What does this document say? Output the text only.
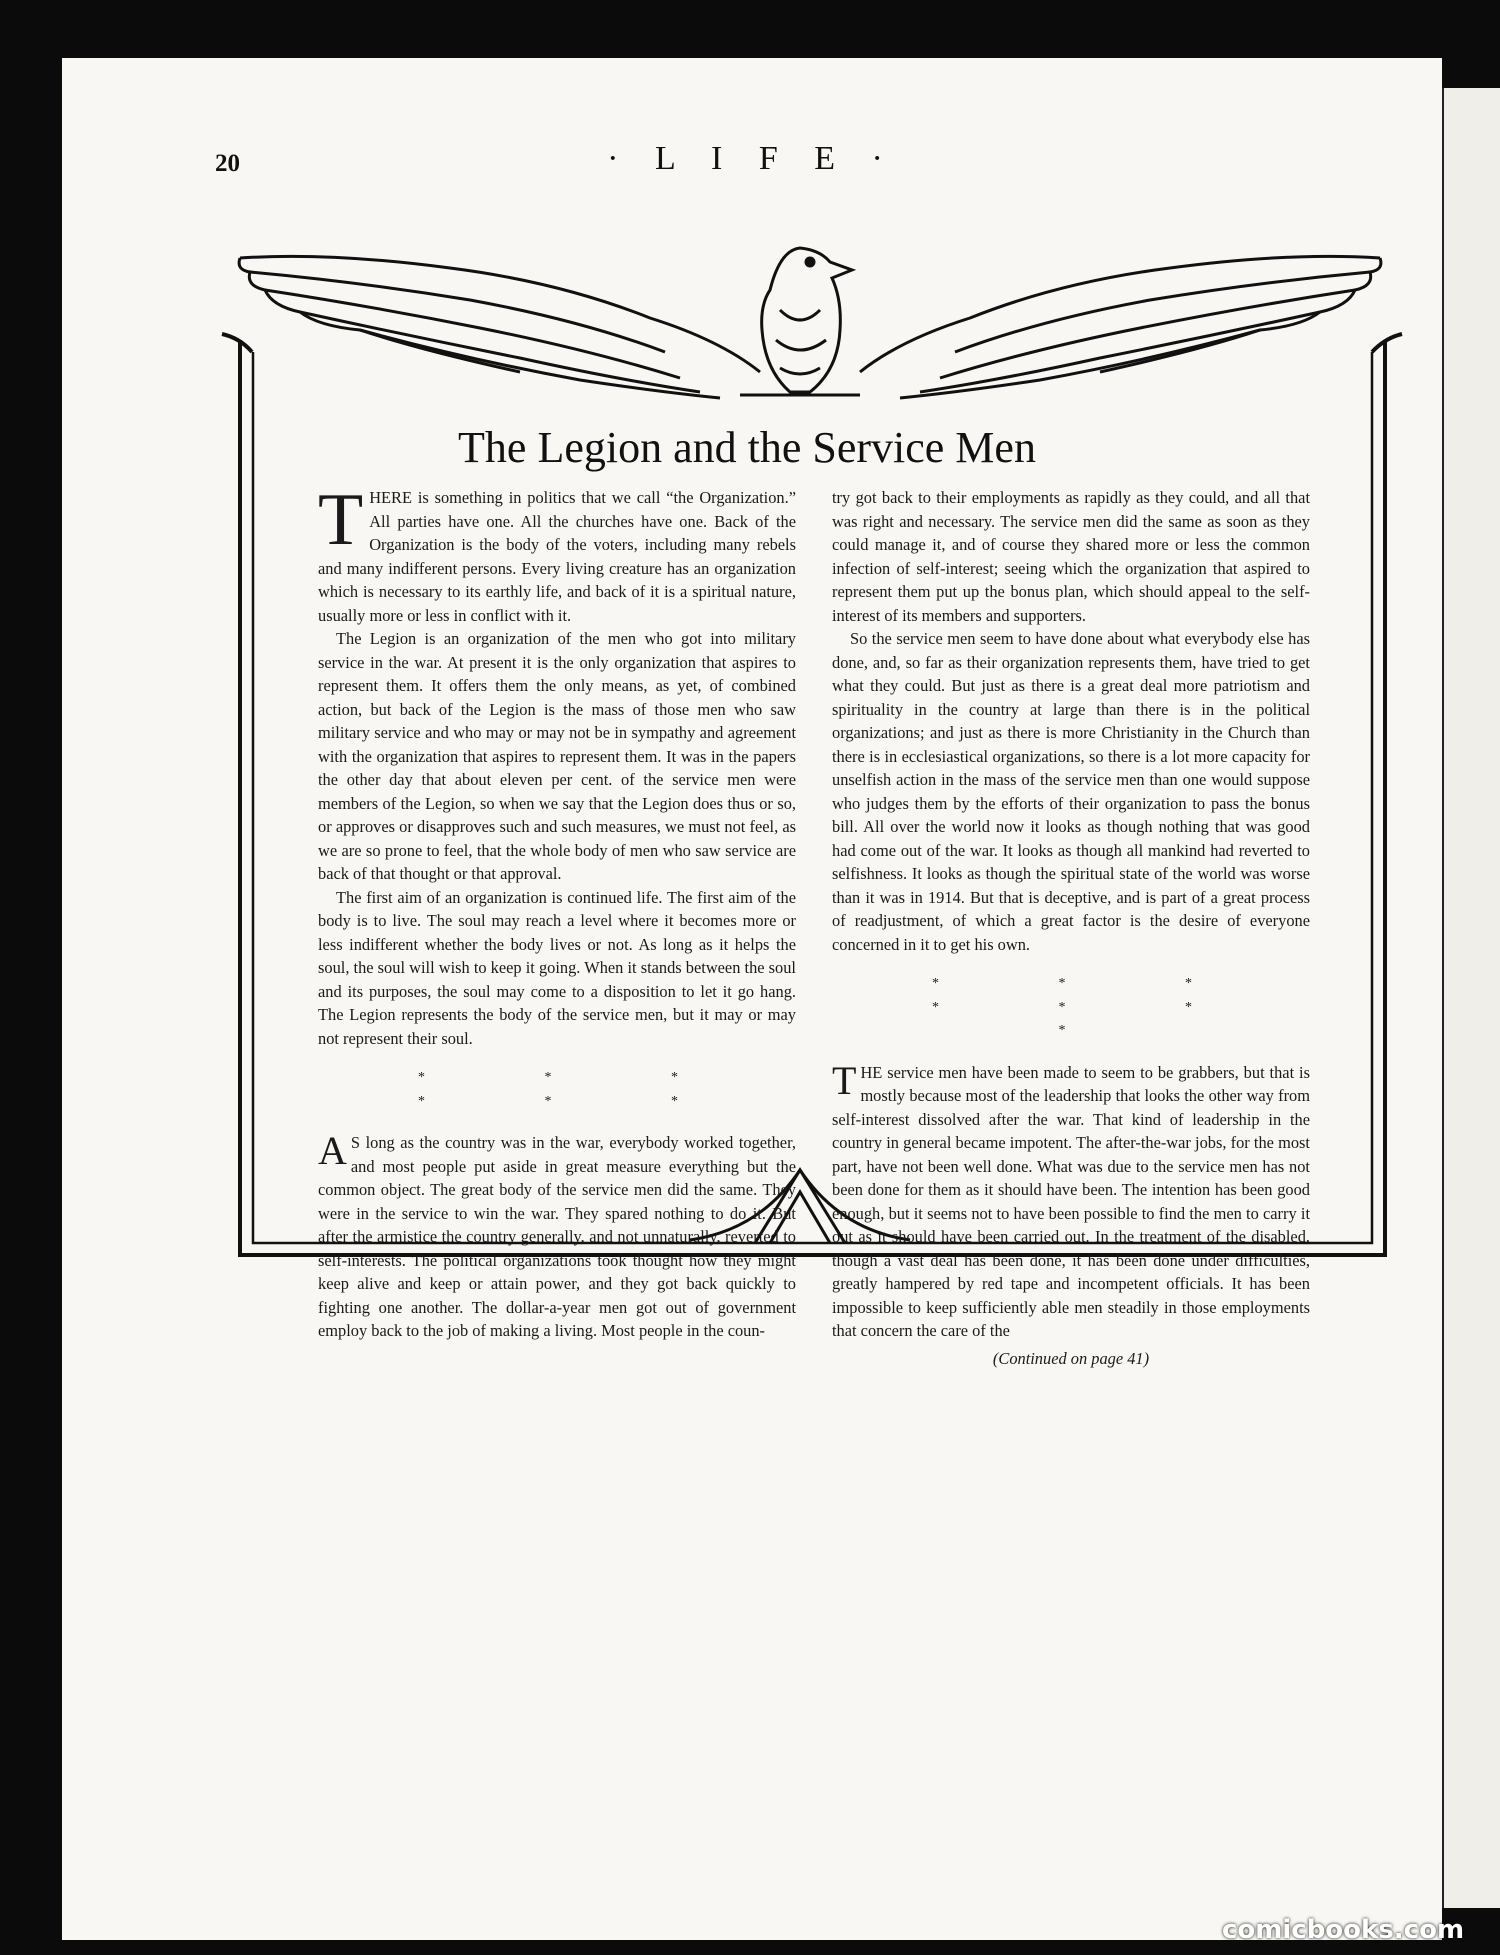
20	· L I F E ·
The Legion and the Service Men

THERE is something in politics that we call “the Organization.” All parties have one. All the churches have one. Back of the Organization is the body of the voters, including many rebels and many indifferent persons. Every living creature has an organization which is necessary to its earthly life, and back of it is a spiritual nature, usually more or less in conflict with it.

The Legion is an organization of the men who got into military service in the war. At present it is the only organization that aspires to represent them. It offers them the only means, as yet, of combined action, but back of the Legion is the mass of those men who saw military service and who may or may not be in sympathy and agreement with the organization that aspires to represent them. It was in the papers the other day that about eleven per cent. of the service men were members of the Legion, so when we say that the Legion does thus or so, or approves or disapproves such and such measures, we must not feel, as we are so prone to feel, that the whole body of men who saw service are back of that thought or that approval.

The first aim of an organization is continued life. The first aim of the body is to live. The soul may reach a level where it becomes more or less indifferent whether the body lives or not. As long as it helps the soul, the soul will wish to keep it going. When it stands between the soul and its purposes, the soul may come to a disposition to let it go hang. The Legion represents the body of the service men, but it may or may not represent their soul.

* * * * * *

A S long as the country was in the war, everybody worked together, and most people put aside in great measure everything but the common object. The great body of the service men did the same. They were in the service to win the war. They spared nothing to do it. But after the armistice the country generally, and not unnaturally, reverted to self-interests. The political organizations took thought how they might keep alive and keep or attain power, and they got back quickly to fighting one another. The dollar-a-year men got out of government employ back to the job of making a living. Most people in the coun-

try got back to their employments as rapidly as they could, and all that was right and necessary. The service men did the same as soon as they could manage it, and of course they shared more or less the common infection of self-interest; seeing which the organization that aspired to represent them put up the bonus plan, which should appeal to the self-interest of its members and supporters.

So the service men seem to have done about what everybody else has done, and, so far as their organization represents them, have tried to get what they could. But just as there is a great deal more patriotism and spirituality in the country at large than there is in the political organizations; and just as there is more Christianity in the Church than there is in ecclesiastical organizations, so there is a lot more capacity for unselfish action in the mass of the service men than one would suppose who judges them by the efforts of their organization to pass the bonus bill. All over the world now it looks as though nothing that was good had come out of the war. It looks as though all mankind had reverted to selfishness. It looks as though the spiritual state of the world was worse than it was in 1914. But that is deceptive, and is part of a great process of readjustment, of which a great factor is the desire of everyone concerned in it to get his own.

* * * * * * *

THE service men have been made to seem to be grabbers, but that is mostly because most of the leadership that looks the other way from self-interest dissolved after the war. That kind of leadership in the country in general became impotent. The after-the-war jobs, for the most part, have not been well done. What was due to the service men has not been done for them as it should have been. The intention has been good enough, but it seems not to have been possible to find the men to carry it out as it should have been carried out. In the treatment of the disabled, though a vast deal has been done, it has been done under difficulties, greatly hampered by red tape and incompetent officials. It has been impossible to keep sufficiently able men steadily in those employments that concern the care of the

(Continued on page 41)
comicbooks.com
